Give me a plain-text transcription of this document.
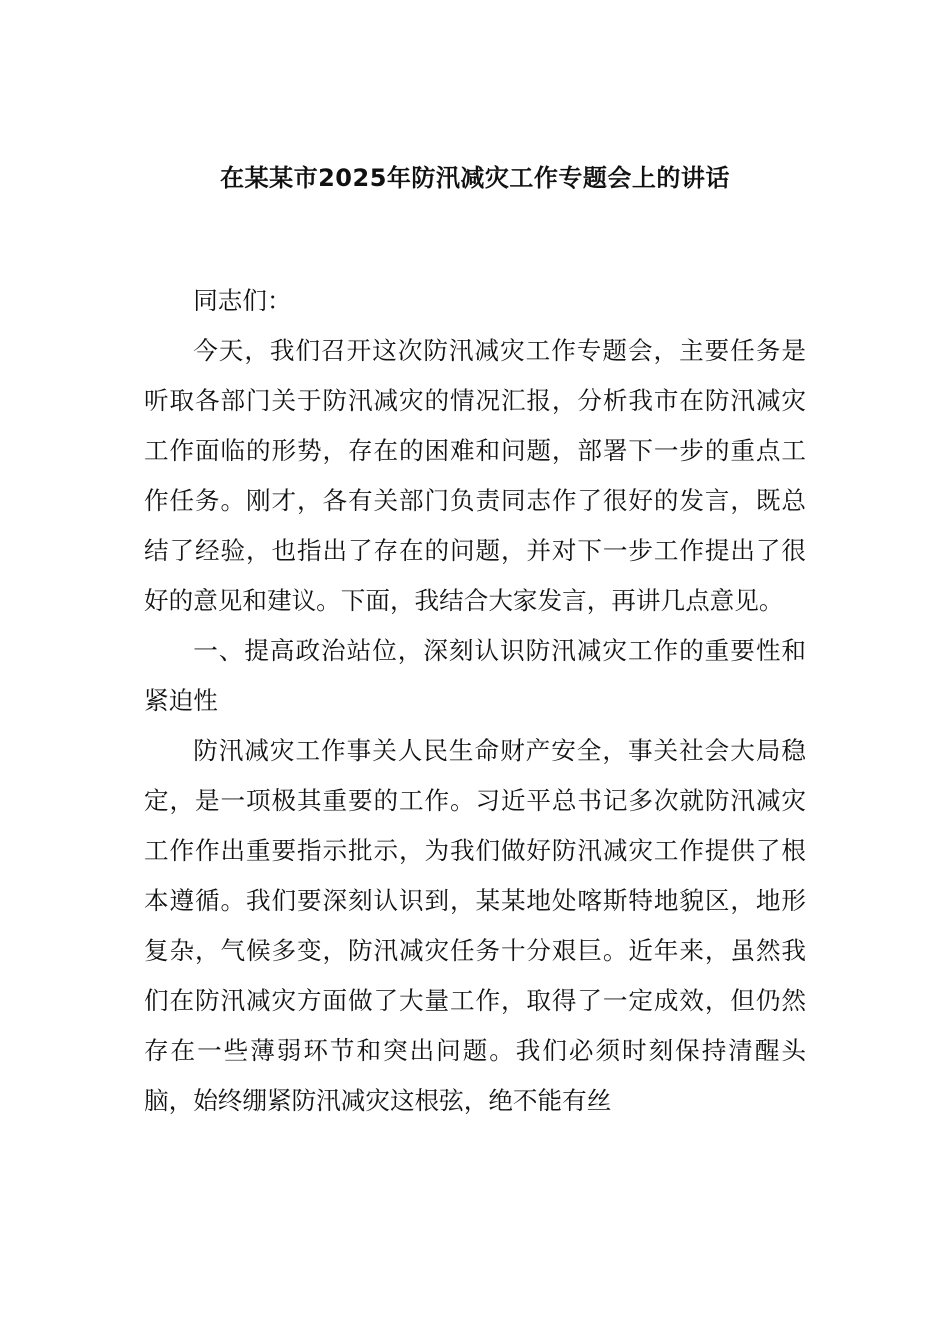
在某某市2025年防汛减灾工作专题会上的讲话

同志们：

今天，我们召开这次防汛减灾工作专题会，主要任务是听取各部门关于防汛减灾的情况汇报，分析我市在防汛减灾工作面临的形势，存在的困难和问题，部署下一步的重点工作任务。刚才，各有关部门负责同志作了很好的发言，既总结了经验，也指出了存在的问题，并对下一步工作提出了很好的意见和建议。下面，我结合大家发言，再讲几点意见。

一、提高政治站位，深刻认识防汛减灾工作的重要性和紧迫性

防汛减灾工作事关人民生命财产安全，事关社会大局稳定，是一项极其重要的工作。习近平总书记多次就防汛减灾工作作出重要指示批示，为我们做好防汛减灾工作提供了根本遵循。我们要深刻认识到，某某地处喀斯特地貌区，地形复杂，气候多变，防汛减灾任务十分艰巨。近年来，虽然我们在防汛减灾方面做了大量工作，取得了一定成效，但仍然存在一些薄弱环节和突出问题。我们必须时刻保持清醒头脑，始终绷紧防汛减灾这根弦，绝不能有丝
